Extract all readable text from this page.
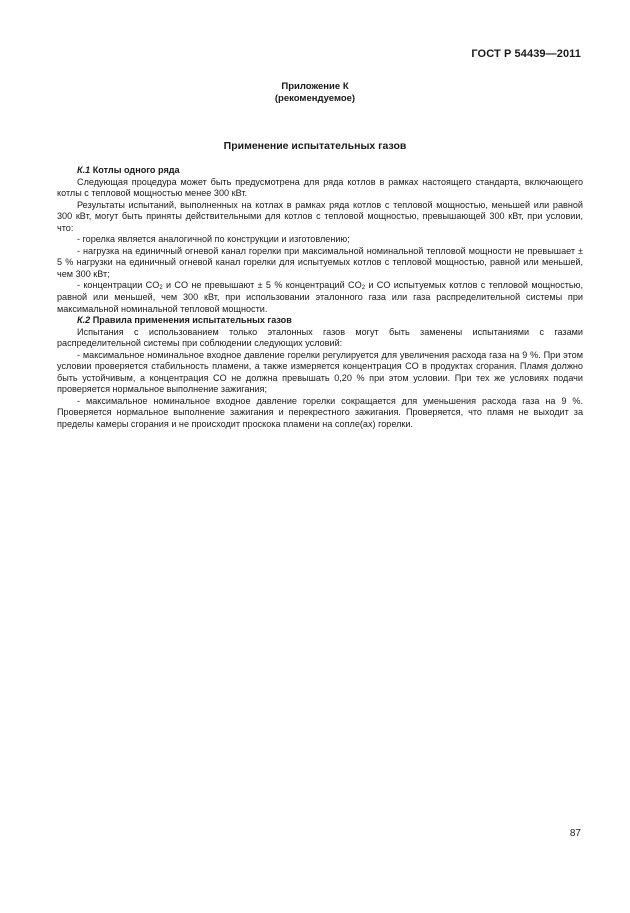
ГОСТ Р 54439—2011
Приложение К
(рекомендуемое)
Применение испытательных газов

К.1 Котлы одного ряда

Следующая процедура может быть предусмотрена для ряда котлов в рамках настоящего стандарта, включающего котлы с тепловой мощностью менее 300 кВт.

Результаты испытаний, выполненных на котлах в рамках ряда котлов с тепловой мощностью, меньшей или равной 300 кВт, могут быть приняты действительными для котлов с тепловой мощностью, превышающей 300 кВт, при условии, что:

- горелка является аналогичной по конструкции и изготовлению;

- нагрузка на единичный огневой канал горелки при максимальной номинальной тепловой мощности не превышает ± 5 % нагрузки на единичный огневой канал горелки для испытуемых котлов с тепловой мощностью, равной или меньшей, чем 300 кВт;

- концентрации $CO_2$ и CO не превышают ± 5 % концентраций $CO_2$ и CO испытуемых котлов с тепловой мощностью, равной или меньшей, чем 300 кВт, при использовании эталонного газа или газа распределительной системы при максимальной номинальной тепловой мощности.

К.2 Правила применения испытательных газов

Испытания с использованием только эталонных газов могут быть заменены испытаниями с газами распределительной системы при соблюдении следующих условий:

- максимальное номинальное входное давление горелки регулируется для увеличения расхода газа на 9 %. При этом условии проверяется стабильность пламени, а также измеряется концентрация CO в продуктах сгорания. Пламя должно быть устойчивым, а концентрация CO не должна превышать 0,20 % при этом условии. При тех же условиях подачи проверяется нормальное выполнение зажигания;

- максимальное номинальное входное давление горелки сокращается для уменьшения расхода газа на 9 %. Проверяется нормальное выполнение зажигания и перекрестного зажигания. Проверяется, что пламя не выходит за пределы камеры сгорания и не происходит проскока пламени на сопле(ах) горелки.

87
